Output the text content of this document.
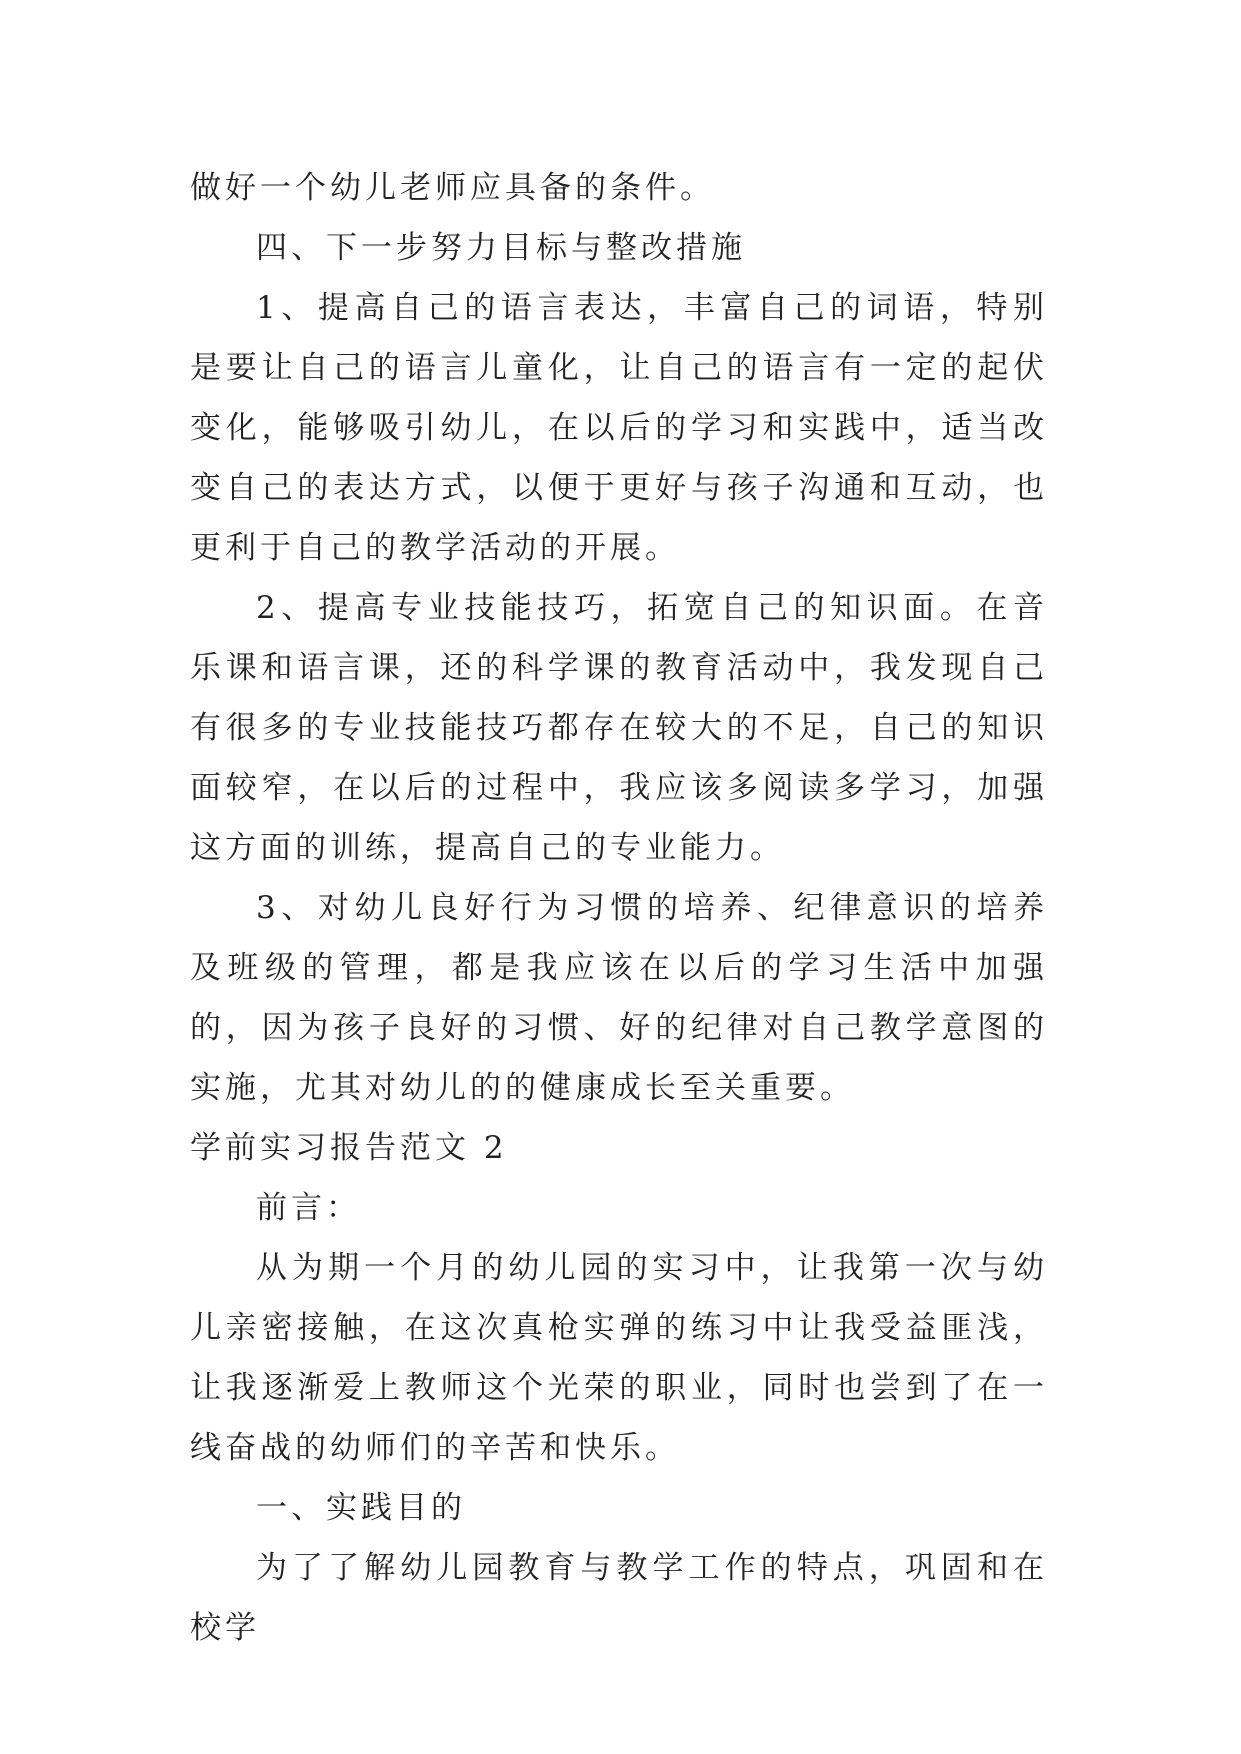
做好一个幼儿老师应具备的条件。

四、下一步努力目标与整改措施

1、提高自己的语言表达，丰富自己的词语，特别是要让自己的语言儿童化，让自己的语言有一定的起伏变化，能够吸引幼儿，在以后的学习和实践中，适当改变自己的表达方式，以便于更好与孩子沟通和互动，也更利于自己的教学活动的开展。

2、提高专业技能技巧，拓宽自己的知识面。在音乐课和语言课，还的科学课的教育活动中，我发现自己有很多的专业技能技巧都存在较大的不足，自己的知识面较窄，在以后的过程中，我应该多阅读多学习，加强这方面的训练，提高自己的专业能力。

3、对幼儿良好行为习惯的培养、纪律意识的培养及班级的管理，都是我应该在以后的学习生活中加强的，因为孩子良好的习惯、好的纪律对自己教学意图的实施，尤其对幼儿的的健康成长至关重要。

学前实习报告范文 2

前言：

从为期一个月的幼儿园的实习中，让我第一次与幼儿亲密接触，在这次真枪实弹的练习中让我受益匪浅，让我逐渐爱上教师这个光荣的职业，同时也尝到了在一线奋战的幼师们的辛苦和快乐。

一、实践目的

为了了解幼儿园教育与教学工作的特点，巩固和在校学
